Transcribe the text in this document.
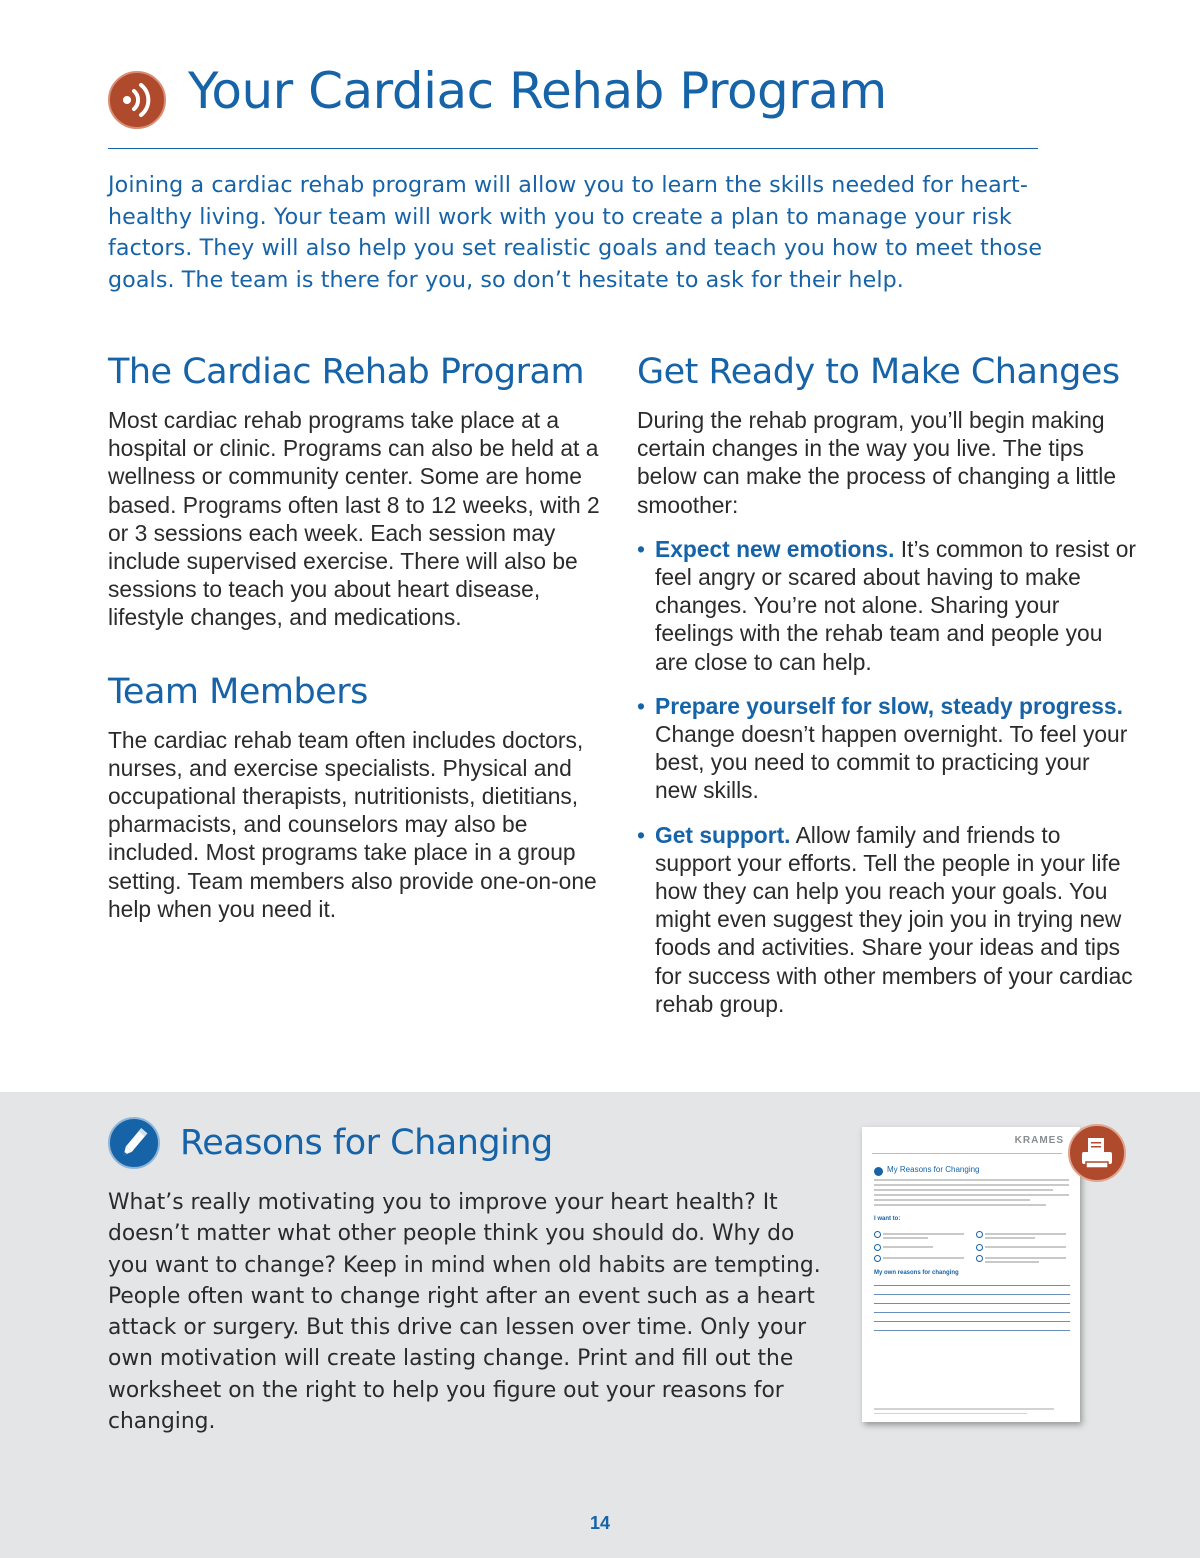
Your Cardiac Rehab Program

Joining a cardiac rehab program will allow you to learn the skills needed for heart-healthy living. Your team will work with you to create a plan to manage your risk factors. They will also help you set realistic goals and teach you how to meet those goals. The team is there for you, so don’t hesitate to ask for their help.

The Cardiac Rehab Program

Most cardiac rehab programs take place at a hospital or clinic. Programs can also be held at a wellness or community center. Some are home based. Programs often last 8 to 12 weeks, with 2 or 3 sessions each week. Each session may include supervised exercise. There will also be sessions to teach you about heart disease, lifestyle changes, and medications.

Team Members

The cardiac rehab team often includes doctors, nurses, and exercise specialists. Physical and occupational therapists, nutritionists, dietitians, pharmacists, and counselors may also be included. Most programs take place in a group setting. Team members also provide one-on-one help when you need it.

Get Ready to Make Changes

During the rehab program, you’ll begin making certain changes in the way you live. The tips below can make the process of changing a little smoother:

• Expect new emotions. It’s common to resist or feel angry or scared about having to make changes. You’re not alone. Sharing your feelings with the rehab team and people you are close to can help.
• Prepare yourself for slow, steady progress. Change doesn’t happen overnight. To feel your best, you need to commit to practicing your new skills.
• Get support. Allow family and friends to support your efforts. Tell the people in your life how they can help you reach your goals. You might even suggest they join you in trying new foods and activities. Share your ideas and tips for success with other members of your cardiac rehab group.
Reasons for Changing

What’s really motivating you to improve your heart health? It doesn’t matter what other people think you should do. Why do you want to change? Keep in mind when old habits are tempting. People often want to change right after an event such as a heart attack or surgery. But this drive can lessen over time. Only your own motivation will create lasting change. Print and fill out the worksheet on the right to help you figure out your reasons for changing.

KRAMES
My Reasons for Changing
I want to:
My own reasons for changing
14
